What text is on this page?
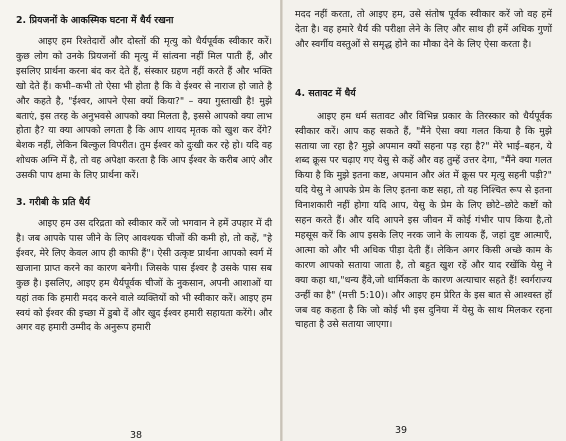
2. प्रियजनों के आकस्मिक घटना में धैर्य रखना

आइए हम रिश्तेदारों और दोस्तों की मृत्यु को धैर्यपूर्वक स्वीकार करें। कुछ लोग को उनके प्रियजनों की मृत्यु में सांत्वना नहीं मिल पाती हैं, और इसलिए प्रार्थना करना बंद कर देते हैं, संस्कार ग्रहण नहीं करते हैं और भक्ति खो देते हैं। कभी–कभी तो ऐसा भी होता है कि वे ईश्वर से नाराज हो जाते है और कहते है, "ईश्वर, आपने ऐसा क्यों किया?" – क्या गुस्ताखी है! मुझे बताएं, इस तरह के अनुभवसे आपको क्या मिलता है, इससे आपको क्या लाभ होता है? या क्या आपको लगता है कि आप शायद मृतक को खुश कर देंगे? बेशक नहीं, लेकिन बिल्कुल विपरीत। तुम ईश्वर को दुःखी कर रहे हो। यदि वह शोधक अग्नि में है, तो वह अपेक्षा करता है कि आप ईश्वर के करीब आएं और उसकी पाप क्षमा के लिए प्रार्थना करें।

3. गरीबी के प्रति धैर्य

आइए हम उस दरिद्रता को स्वीकार करें जो भगवान ने हमें उपहार में दी है। जब आपके पास जीने के लिए आवश्यक चीजों की कमी हो, तो कहें, "हे ईश्वर, मेरे लिए केवल आप ही काफी हैं"। ऐसी उत्कृष्ट प्रार्थना आपको स्वर्ग में खजाना प्राप्त करने का कारण बनेगी। जिसके पास ईश्वर है उसके पास सब कुछ है। इसलिए, आइए हम धैर्यपूर्वक चीजों के नुकसान, अपनी आशाओं या यहां तक कि हमारी मदद करने वाले व्यक्तियों को भी स्वीकार करें। आइए हम स्वयं को ईश्वर की इच्छा में डुबो दें और खुद ईश्वर हमारी सहायता करेंगे। और अगर वह हमारी उम्मीद के अनुरूप हमारी

38

मदद नहीं करता, तो आइए हम, उसे संतोष पूर्वक स्वीकार करें जो वह हमें देता है। वह हमारे धैर्य की परीक्षा लेने के लिए और साथ ही हमें अधिक गुणों और स्वर्गीय वस्तुओं से समृद्ध होने का मौका देने के लिए ऐसा करता है।

4. सतावट में धैर्य

आइए हम धर्म सतावट और विभिन्न प्रकार के तिरस्कार को धैर्यपूर्वक स्वीकार करें। आप कह सकते हैं, "मैंने ऐसा क्या गलत किया है कि मुझे सताया जा रहा है? मुझे अपमान क्यों सहना पड़ रहा है?" मेरे भाई–बहन, ये शब्द क्रूस पर चढ़ाए गए येसु से कहें और वह तुम्हें उत्तर देगा, "मैंने क्या गलत किया है कि मुझे इतना कष्ट, अपमान और अंत में क्रूस पर मृत्यु सहनी पड़ी?" यदि येसु ने आपके प्रेम के लिए इतना कष्ट सहा, तो यह निश्चित रूप से इतना विनाशकारी नहीं होगा यदि आप, येसु के प्रेम के लिए छोटे–छोटे कष्टों को सहन करते हैं। और यदि आपने इस जीवन में कोई गंभीर पाप किया है,तो महसूस करें कि आप इसके लिए नरक जाने के लायक हैं, जहां दुष्ट आत्माएँ, आत्मा को और भी अधिक पीड़ा देती हैं। लेकिन अगर किसी अच्छे काम के कारण आपको सताया जाता है, तो बहुत खुश रहें और याद रखेंकि येसु ने क्या कहा था,"धन्य हैंवे,जो धार्मिकता के कारण अत्याचार सहते हैं! स्वर्गराज्य उन्हीं का है" (मत्ती 5:10)। और आइए हम प्रेरित के इस बात से आश्वस्त हों जब वह कहता है कि जो कोई भी इस दुनिया में येसु के साथ मिलकर रहना चाहता है उसे सताया जाएगा।

39
